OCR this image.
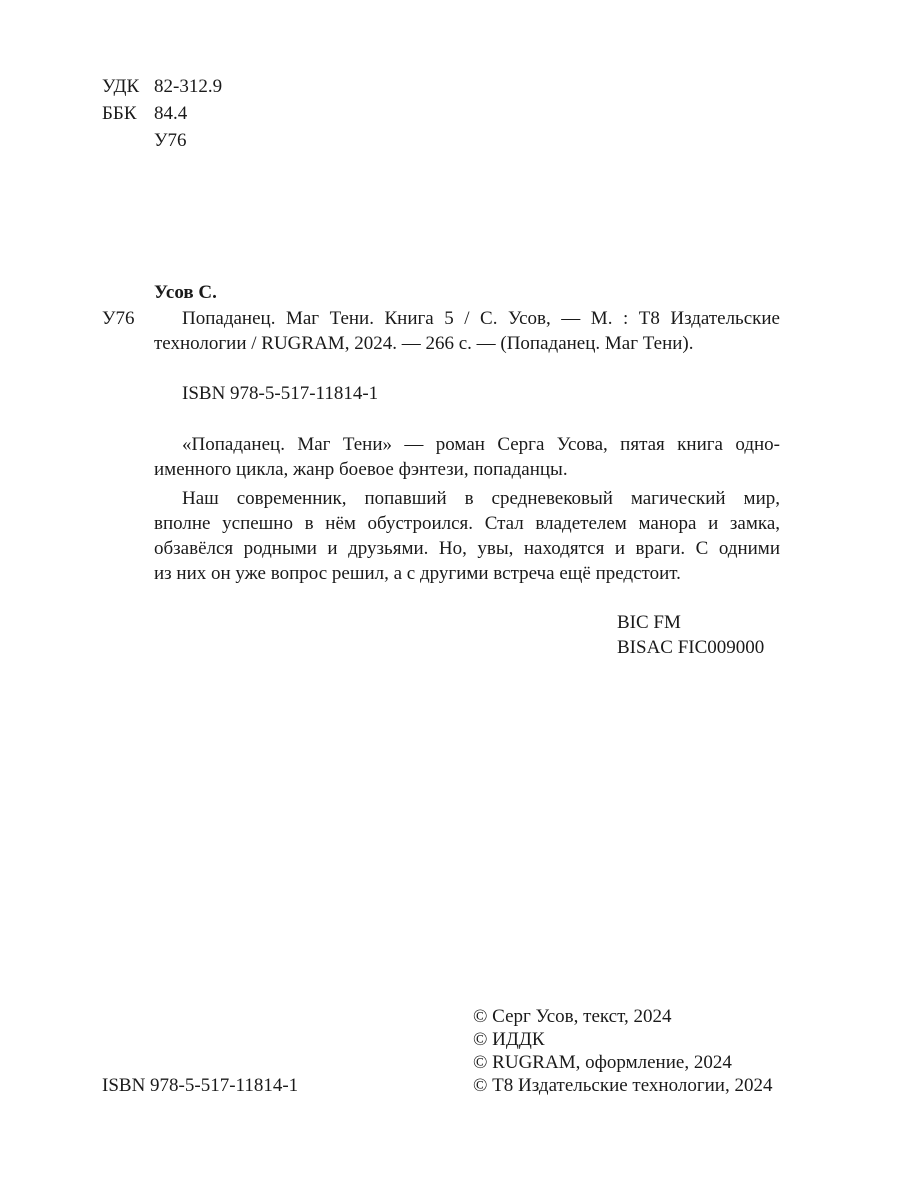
УДК 82-312.9
ББК 84.4
У76
Усов С.
У76	Попаданец. Маг Тени. Книга 5 / С. Усов, — М. : Т8 Издательские
технологии / RUGRAM, 2024. — 266 с. — (Попаданец. Маг Тени).
ISBN 978-5-517-11814-1
«Попаданец. Маг Тени» — роман Серга Усова, пятая книга одно-
именного цикла, жанр боевое фэнтези, попаданцы.
Наш современник, попавший в средневековый магический мир,
вполне успешно в нём обустроился. Стал владетелем манора и замка,
обзавёлся родными и друзьями. Но, увы, находятся и враги. С одними
из них он уже вопрос решил, а с другими встреча ещё предстоит.
BIC FM
BISAC FIC009000
ISBN 978-5-517-11814-1
© Серг Усов, текст, 2024
© ИДДК
© RUGRAM, оформление, 2024
© Т8 Издательские технологии, 2024
